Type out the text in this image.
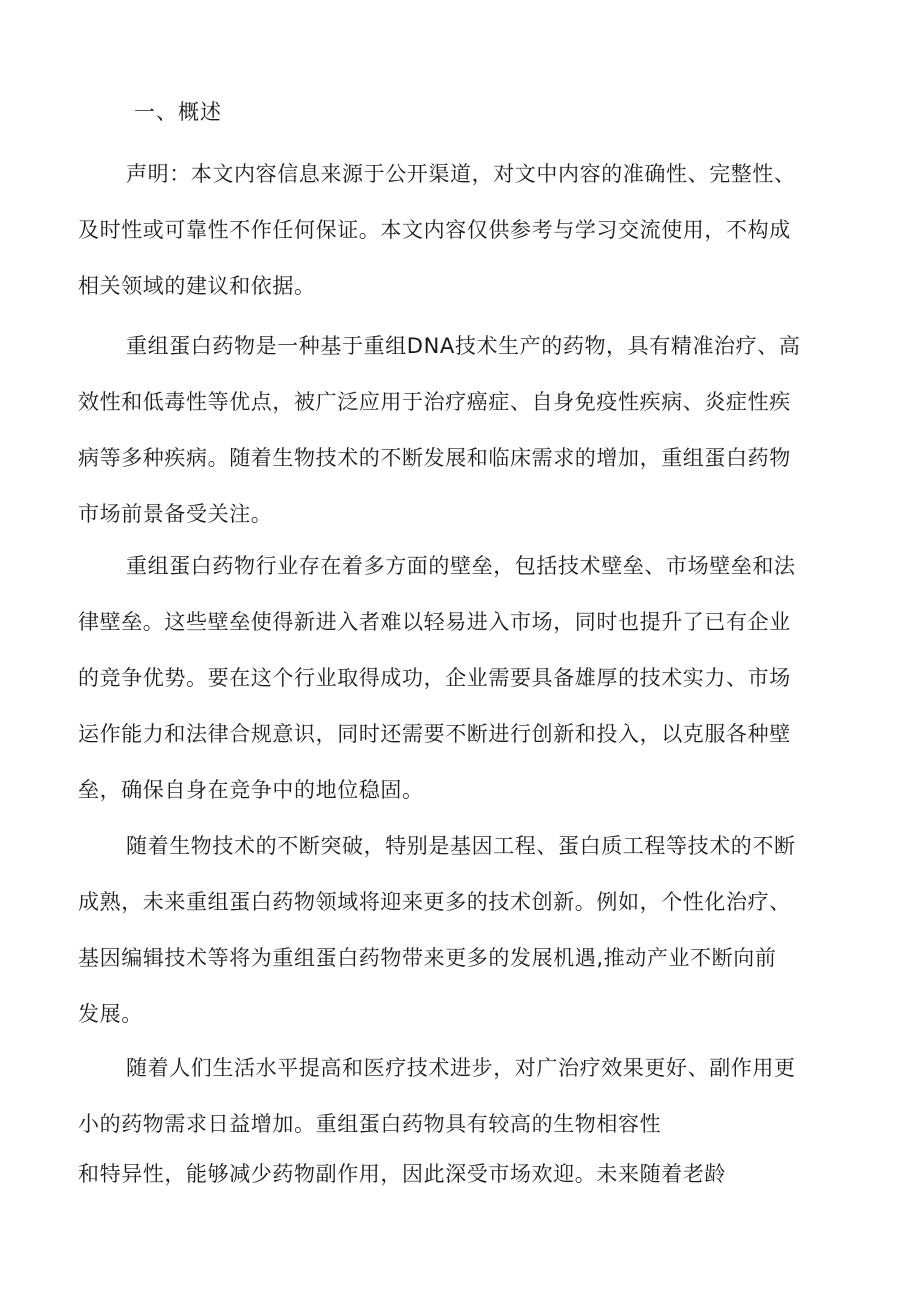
一、概述

声明：本文内容信息来源于公开渠道，对文中内容的准确性、完整性、
及时性或可靠性不作任何保证。本文内容仅供参考与学习交流使用，不构成
相关领域的建议和依据。

重组蛋白药物是一种基于重组DNA技术生产的药物，具有精准治疗、高
效性和低毒性等优点，被广泛应用于治疗癌症、自身免疫性疾病、炎症性疾
病等多种疾病。随着生物技术的不断发展和临床需求的增加，重组蛋白药物
市场前景备受关注。

重组蛋白药物行业存在着多方面的壁垒，包括技术壁垒、市场壁垒和法
律壁垒。这些壁垒使得新进入者难以轻易进入市场，同时也提升了已有企业
的竞争优势。要在这个行业取得成功，企业需要具备雄厚的技术实力、市场
运作能力和法律合规意识，同时还需要不断进行创新和投入，以克服各种壁
垒，确保自身在竞争中的地位稳固。

随着生物技术的不断突破，特别是基因工程、蛋白质工程等技术的不断
成熟，未来重组蛋白药物领域将迎来更多的技术创新。例如，个性化治疗、
基因编辑技术等将为重组蛋白药物带来更多的发展机遇,推动产业不断向前
发展。

随着人们生活水平提高和医疗技术进步，对广治疗效果更好、副作用更
小的药物需求日益增加。重组蛋白药物具有较高的生物相容性
和特异性，能够减少药物副作用，因此深受市场欢迎。未来随着老龄
